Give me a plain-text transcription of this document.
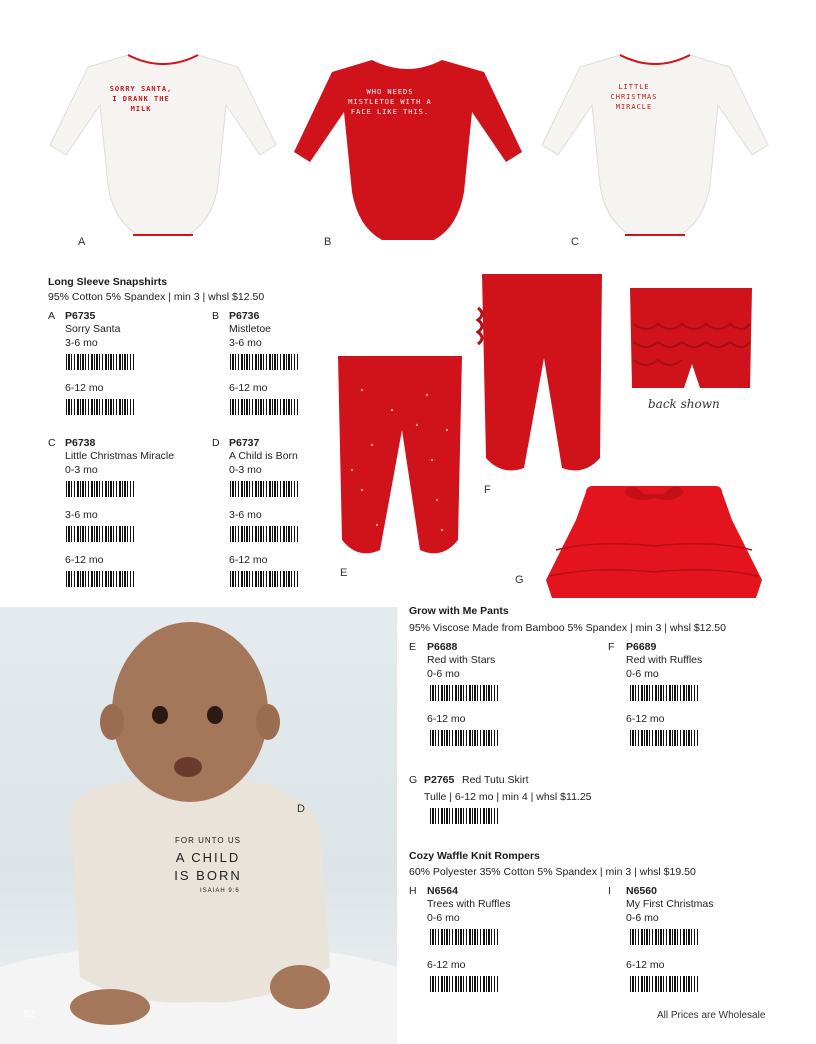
SORRY SANTA, I DRANK THE MILK
WHO NEEDS MISTLETOE WITH A FACE LIKE THIS.
LITTLE CHRISTMAS MIRACLE
A	B	C
Long Sleeve Snapshirts
95% Cotton 5% Spandex | min 3 | whsl $12.50
A P6735
Sorry Santa
3-6 mo
6-12 mo
B P6736
Mistletoe
3-6 mo
6-12 mo
C P6738
Little Christmas Miracle
0-3 mo
3-6 mo
6-12 mo
D P6737
A Child is Born
0-3 mo
3-6 mo
6-12 mo
back shown
F
E
G
FOR UNTO US
A CHILD IS BORN
ISAIAH 9:6
D
Grow with Me Pants
95% Viscose Made from Bamboo 5% Spandex | min 3 | whsl $12.50
E P6688
Red with Stars
0-6 mo
6-12 mo
F P6689
Red with Ruffles
0-6 mo
6-12 mo
G P2765 Red Tutu Skirt
Tulle | 6-12 mo | min 4 | whsl $11.25
Cozy Waffle Knit Rompers
60% Polyester 35% Cotton 5% Spandex | min 3 | whsl $19.50
H N6564
Trees with Ruffles
0-6 mo
6-12 mo
I N6560
My First Christmas
0-6 mo
6-12 mo
52	All Prices are Wholesale
